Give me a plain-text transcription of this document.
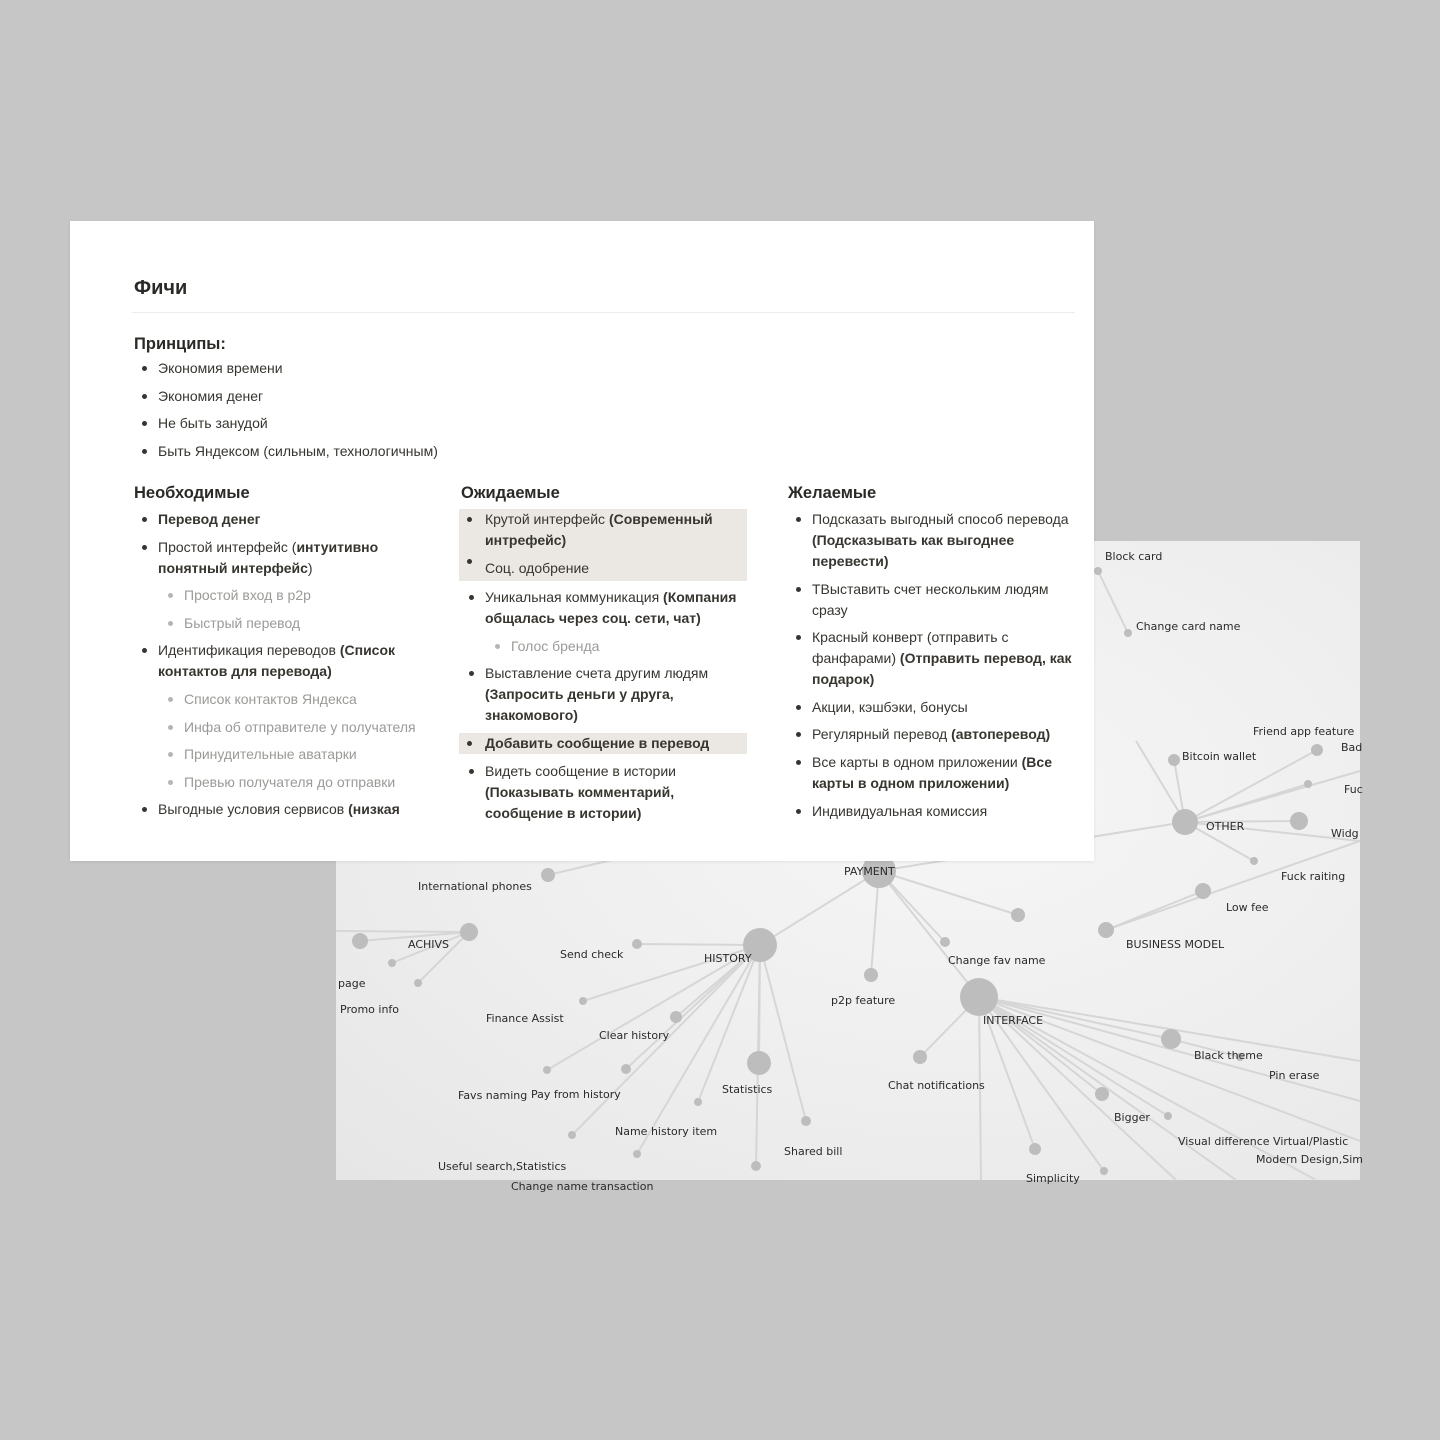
Block card
Change card name
Friend app feature
Bad
Bitcoin wallet
Fuc
OTHER
Widg
Fuck raiting
PAYMENT
International phones
Low fee
ACHIVS	BUSINESS MODEL
Send check	HISTORY	Change fav name
page
p2p feature
Promo info
Finance Assist	INTERFACE
Clear history
Black theme
Pin erase
Chat notifications
Statistics
Favs naming Pay from history
Bigger
Name history item
Visual difference Virtual/Plastic
Shared bill
Modern Design,Sim
Useful search,Statistics
Simplicity
Change name transaction
Фичи
Принципы:
Экономия времени
Экономия денег
Не быть занудой
Быть Яндексом (сильным, технологичным)
Необходимые
Перевод денег
Простой интерфейс (интуитивно понятный интерфейс)
Простой вход в p2p
Быстрый перевод
Идентификация переводов (Список контактов для перевода)
Список контактов Яндекса
Инфа об отправителе у получателя
Принудительные аватарки
Превью получателя до отправки
Выгодные условия сервисов (низкая
Ожидаемые
Крутой интерфейс (Современный интрефейс)
Соц. одобрение
Уникальная коммуникация (Компания общалась через соц. сети, чат)
Голос бренда
Выставление счета другим людям (Запросить деньги у друга, знакомового)
Добавить сообщение в перевод
Видеть сообщение в истории (Показывать комментарий, сообщение в истории)
Желаемые
Подсказать выгодный способ перевода (Подсказывать как выгоднее перевести)
ТВыставить счет нескольким людям сразу
Красный конверт (отправить с фанфарами) (Отправить перевод, как подарок)
Акции, кэшбэки, бонусы
Регулярный перевод (автоперевод)
Все карты в одном приложении (Все карты в одном приложении)
Индивидуальная комиссия
